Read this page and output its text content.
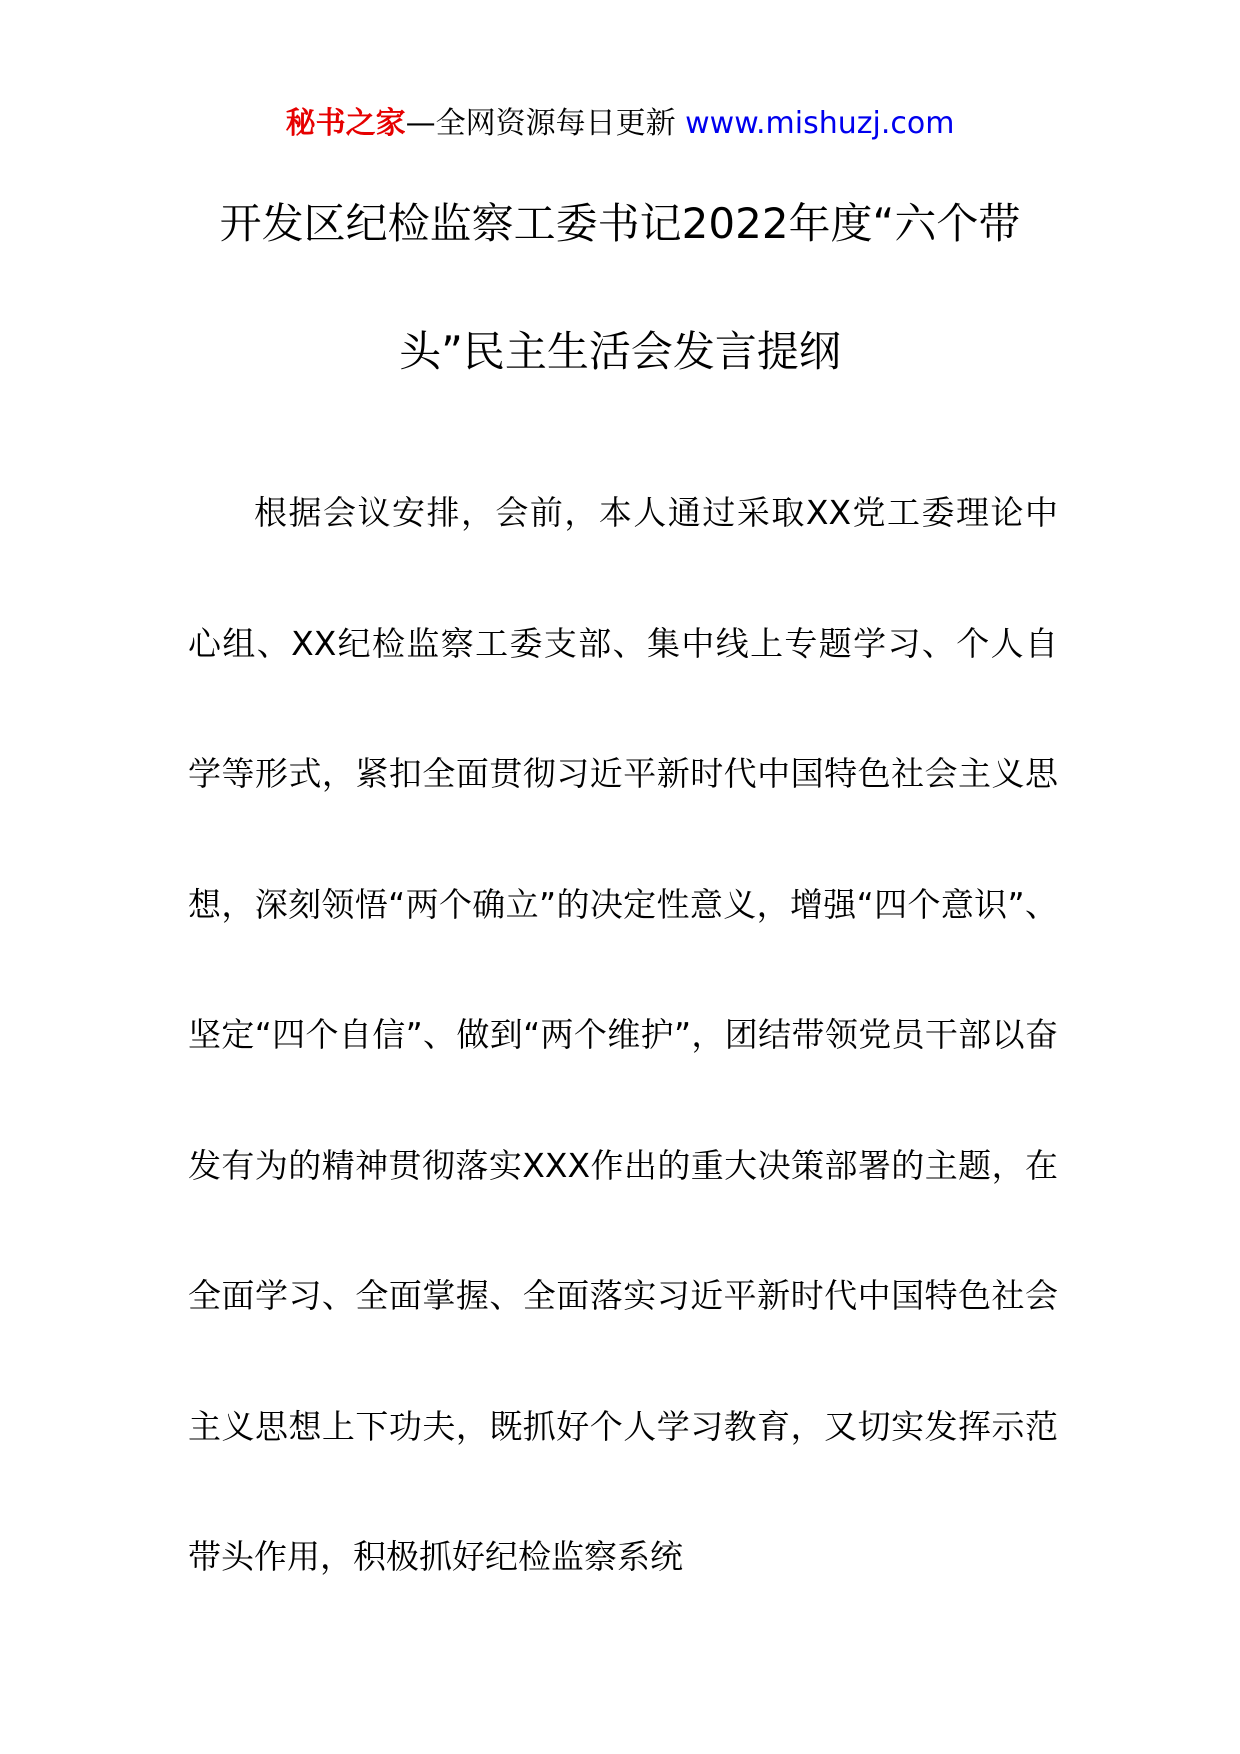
秘书之家—全网资源每日更新 www.mishuzj.com
开发区纪检监察工委书记2022年度“六个带头”民主生活会发言提纲

根据会议安排，会前，本人通过采取XX党工委理论中心组、XX纪检监察工委支部、集中线上专题学习、个人自学等形式，紧扣全面贯彻习近平新时代中国特色社会主义思想，深刻领悟“两个确立”的决定性意义，增强“四个意识”、坚定“四个自信”、做到“两个维护”，团结带领党员干部以奋发有为的精神贯彻落实XXX作出的重大决策部署的主题，在全面学习、全面掌握、全面落实习近平新时代中国特色社会主义思想上下功夫，既抓好个人学习教育，又切实发挥示范带头作用，积极抓好纪检监察系统
